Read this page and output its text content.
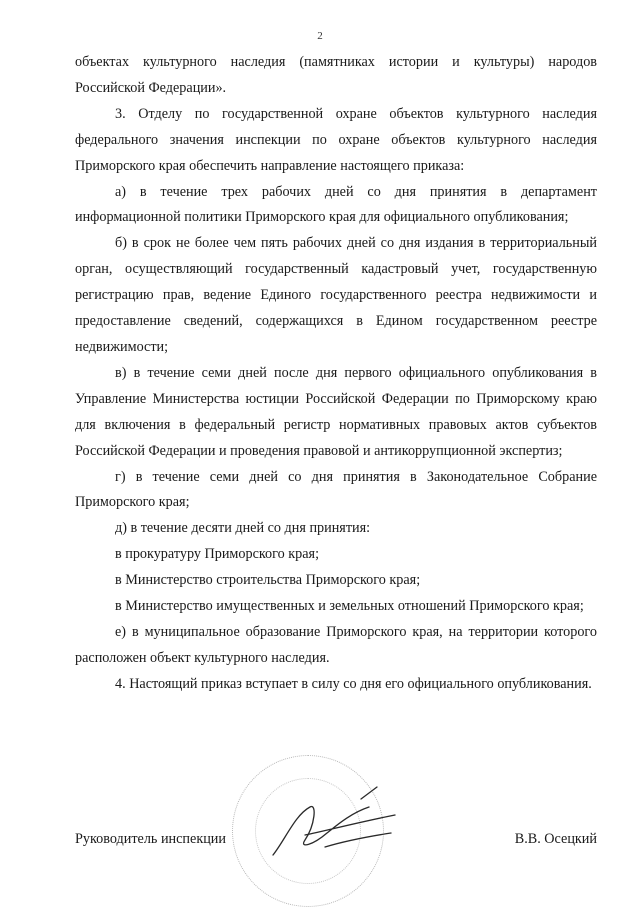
2

объектах культурного наследия (памятниках истории и культуры) народов Российской Федерации».

3. Отделу по государственной охране объектов культурного наследия федерального значения инспекции по охране объектов культурного наследия Приморского края обеспечить направление настоящего приказа:

а) в течение трех рабочих дней со дня принятия в департамент информационной политики Приморского края для официального опубликования;

б) в срок не более чем пять рабочих дней со дня издания в территориальный орган, осуществляющий государственный кадастровый учет, государственную регистрацию прав, ведение Единого государственного реестра недвижимости и предоставление сведений, содержащихся в Едином государственном реестре недвижимости;

в) в течение семи дней после дня первого официального опубликования в Управление Министерства юстиции Российской Федерации по Приморскому краю для включения в федеральный регистр нормативных правовых актов субъектов Российской Федерации и проведения правовой и антикоррупционной экспертиз;

г) в течение семи дней со дня принятия в Законодательное Собрание Приморского края;

д) в течение десяти дней со дня принятия:

в прокуратуру Приморского края;

в Министерство строительства Приморского края;

в Министерство имущественных и земельных отношений Приморского края;

е) в муниципальное образование Приморского края, на территории которого расположен объект культурного наследия.

4. Настоящий приказ вступает в силу со дня его официального опубликования.

Руководитель инспекции	В.В. Осецкий
